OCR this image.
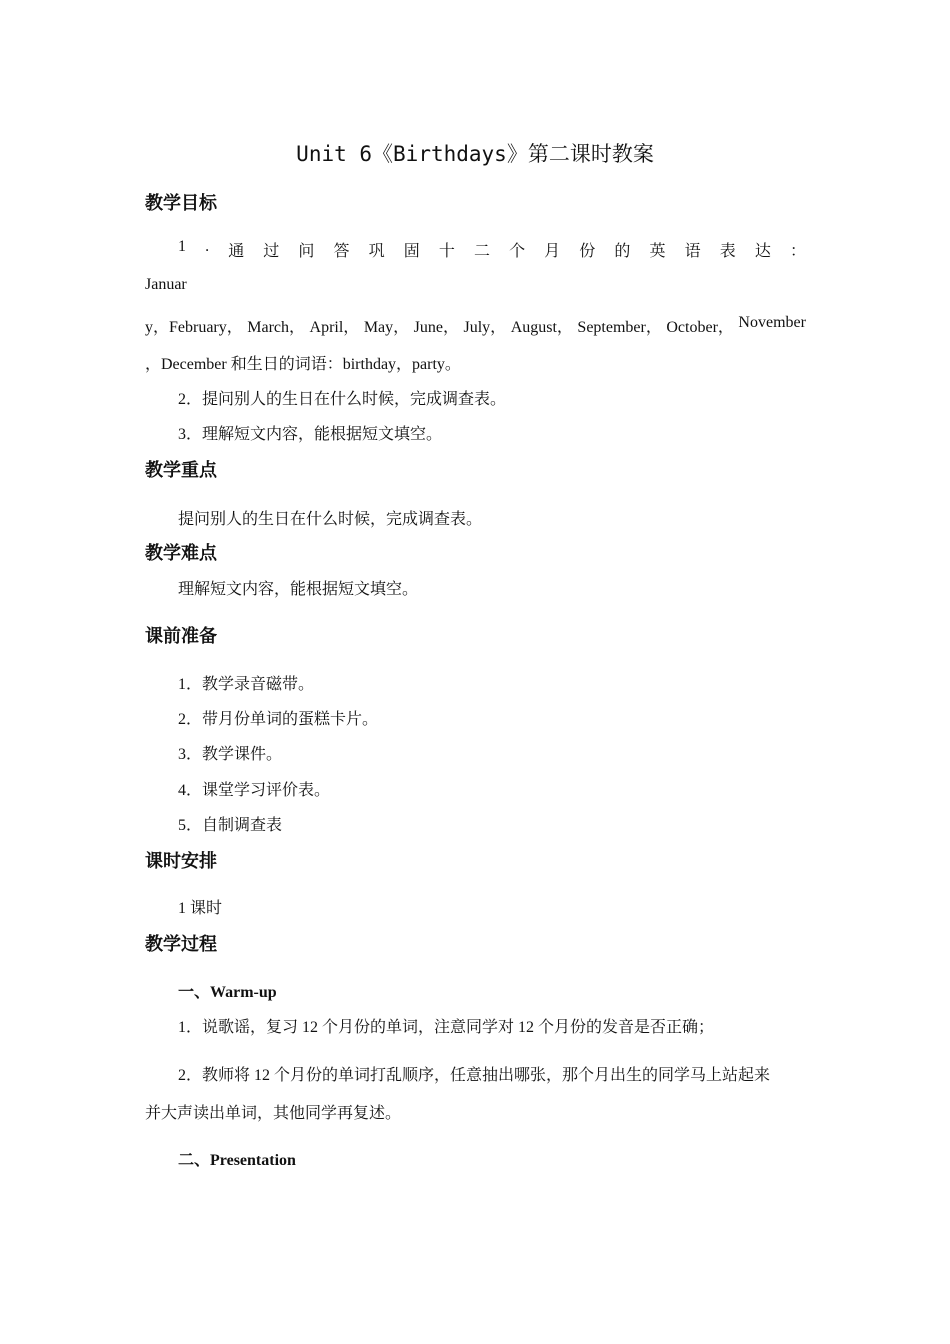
Unit 6《Birthdays》第二课时教案
教学目标
1 . 通 过 问 答 巩 固 十 二 个 月 份 的 英 语 表 达 ：
Januar
y，February， March， April， May， June， July， August， September， October， November
，December 和生日的词语：birthday，party。
2．提问别人的生日在什么时候，完成调查表。
3．理解短文内容，能根据短文填空。
教学重点
提问别人的生日在什么时候，完成调查表。
教学难点
理解短文内容，能根据短文填空。
课前准备
1．教学录音磁带。
2．带月份单词的蛋糕卡片。
3．教学课件。
4．课堂学习评价表。
5．自制调查表
课时安排
1 课时
教学过程
一、Warm-up
1．说歌谣，复习 12 个月份的单词，注意同学对 12 个月份的发音是否正确；
2．教师将 12 个月份的单词打乱顺序，任意抽出哪张，那个月出生的同学马上站起来
并大声读出单词，其他同学再复述。
二、Presentation
